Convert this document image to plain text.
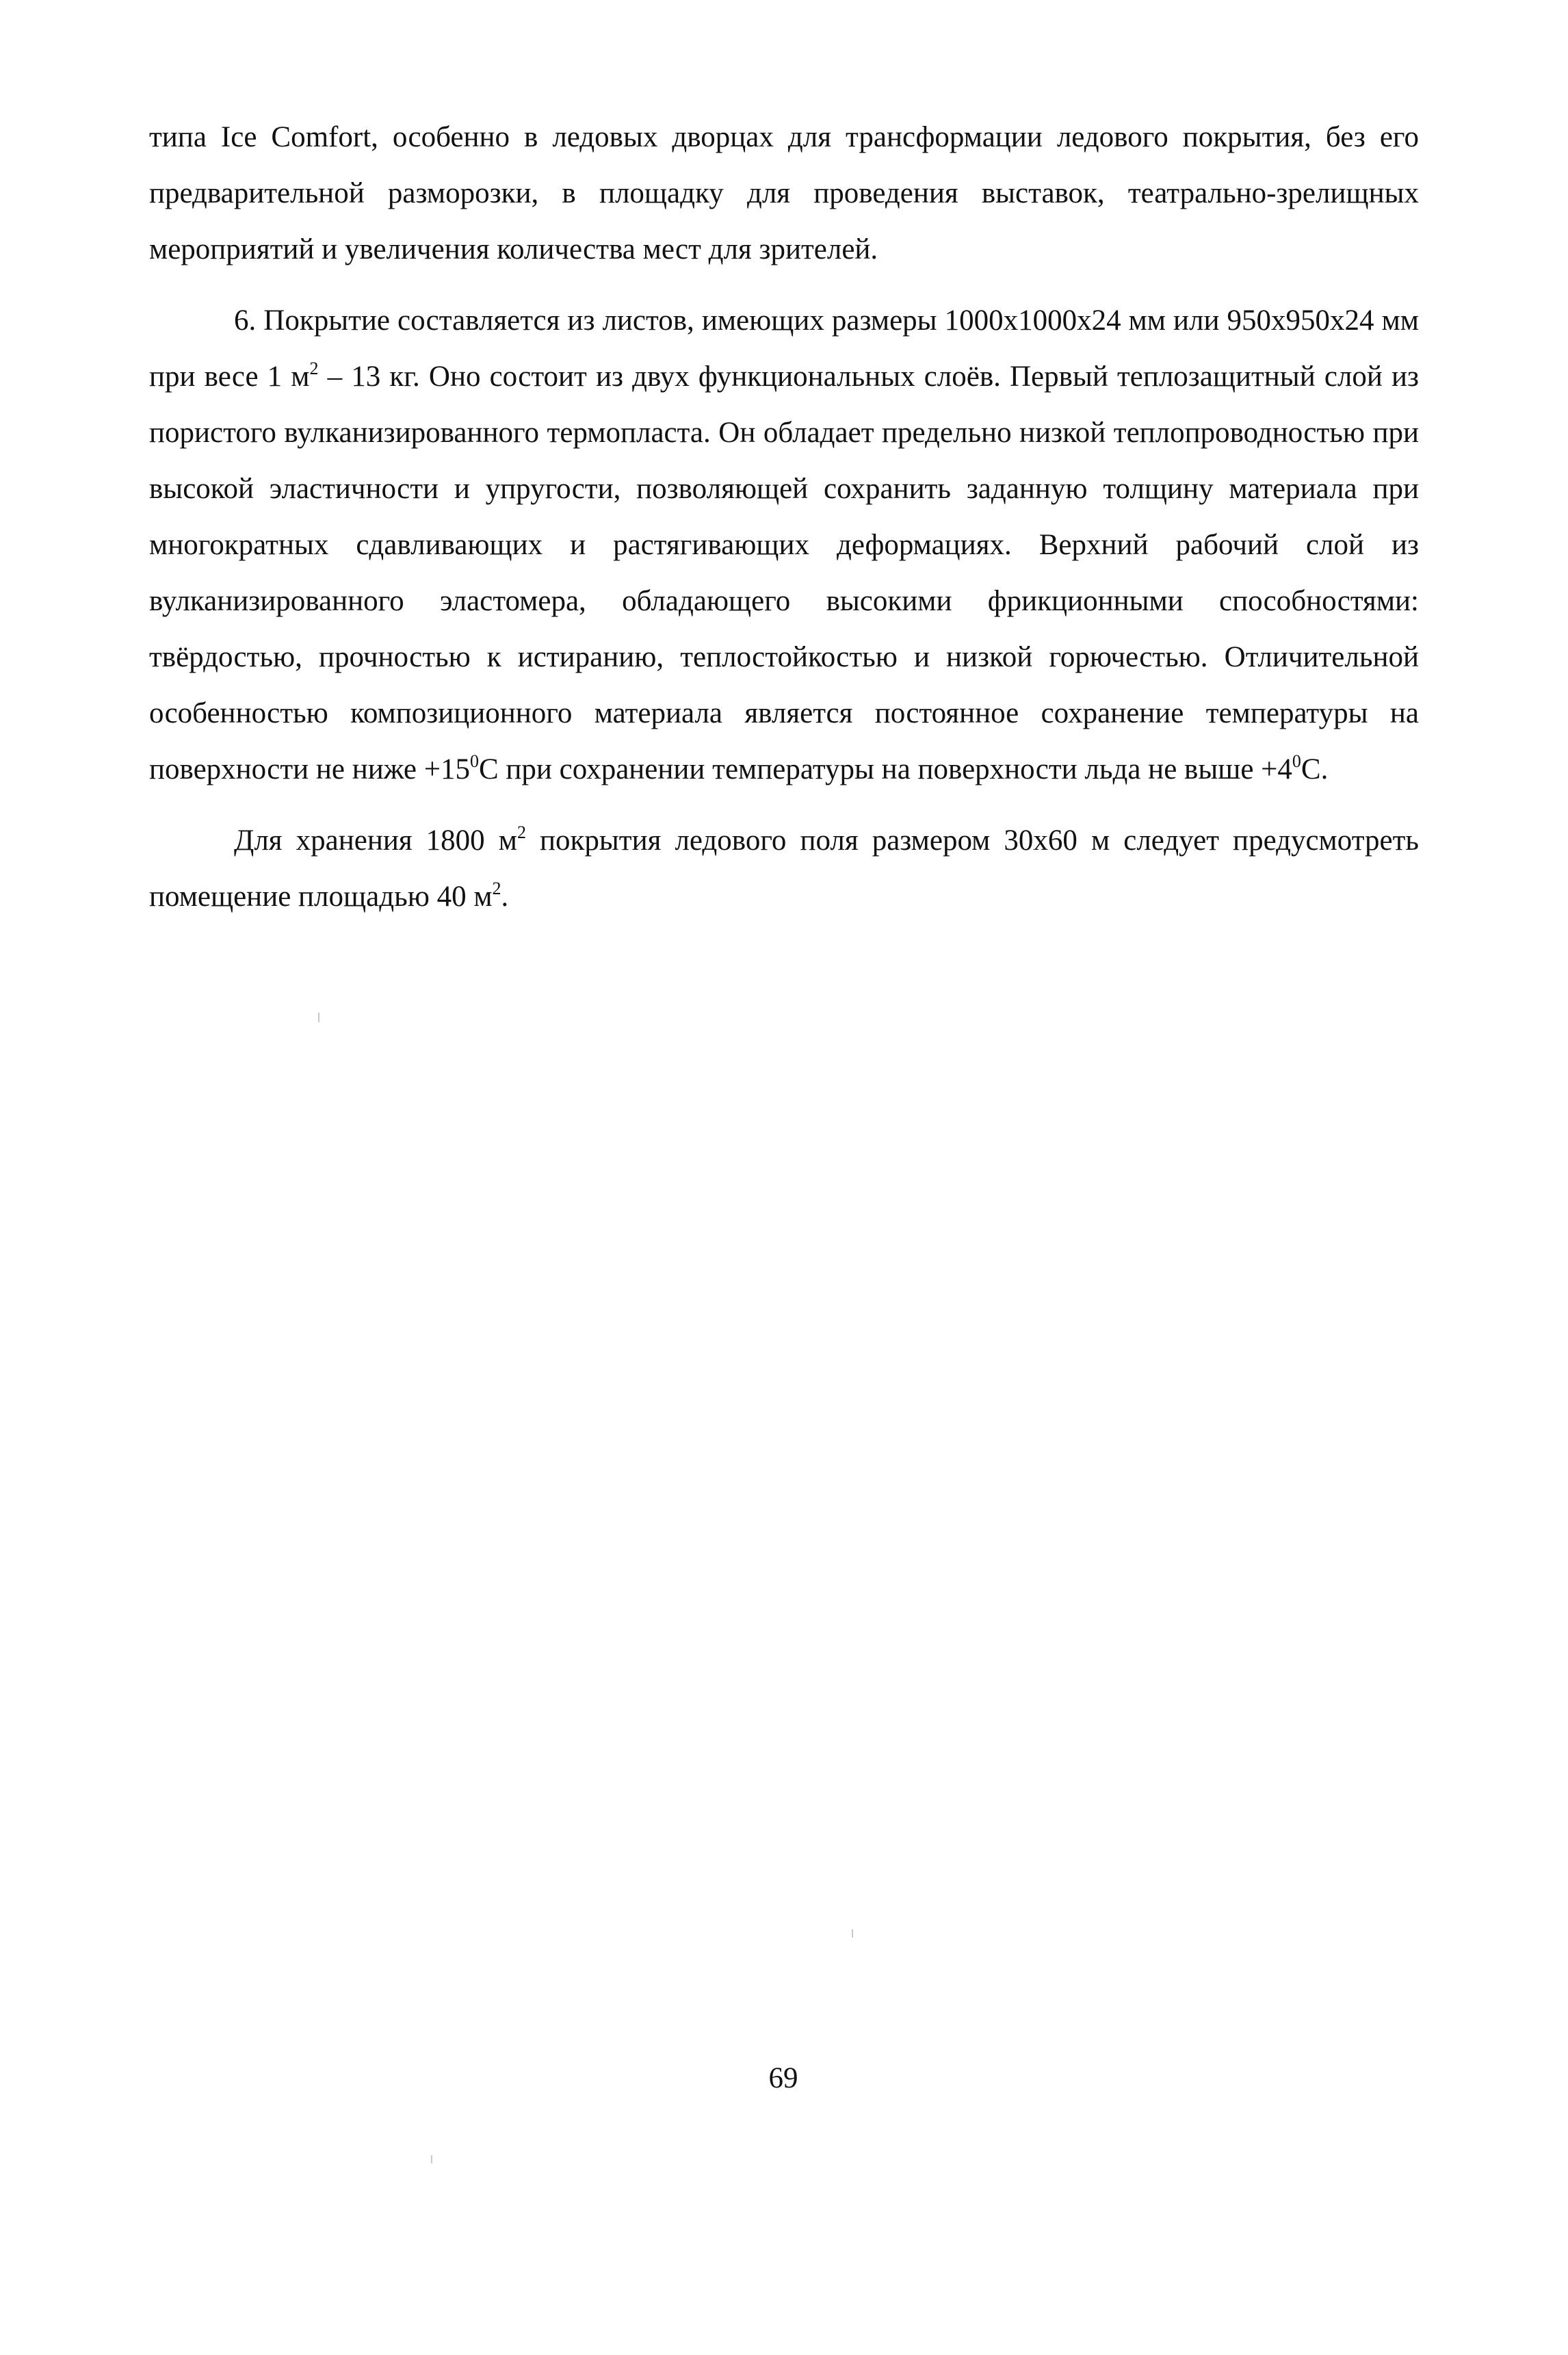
типа Ice Comfort, особенно в ледовых дворцах для трансформации ледового покрытия, без его предварительной разморозки, в площадку для проведения выставок, театрально-зрелищных мероприятий и увеличения количества мест для зрителей.

6. Покрытие составляется из листов, имеющих размеры 1000x1000x24 мм или 950x950x24 мм при весе 1 $м^2 - 13$ кг. Оно состоит из двух функциональных слоёв. Первый теплозащитный слой из пористого вулканизированного термопласта. Он обладает предельно низкой теплопроводностью при высокой эластичности и упругости, позволяющей сохранить заданную толщину материала при многократных сдавливающих и растягивающих деформациях. Верхний рабочий слой из вулканизированного эластомера, обладающего высокими фрикционными способностями: твёрдостью, прочностью к истиранию, теплостойкостью и низкой горючестью. Отличительной особенностью композиционного материала является постоянное сохранение температуры на поверхности не ниже $+15^0С$ при сохранении температуры на поверхности льда не выше $+4^0С$.

Для хранения 1800 $м^2$ покрытия ледового поля размером 30x60 м следует предусмотреть помещение площадью 40 $м^2$.

69
